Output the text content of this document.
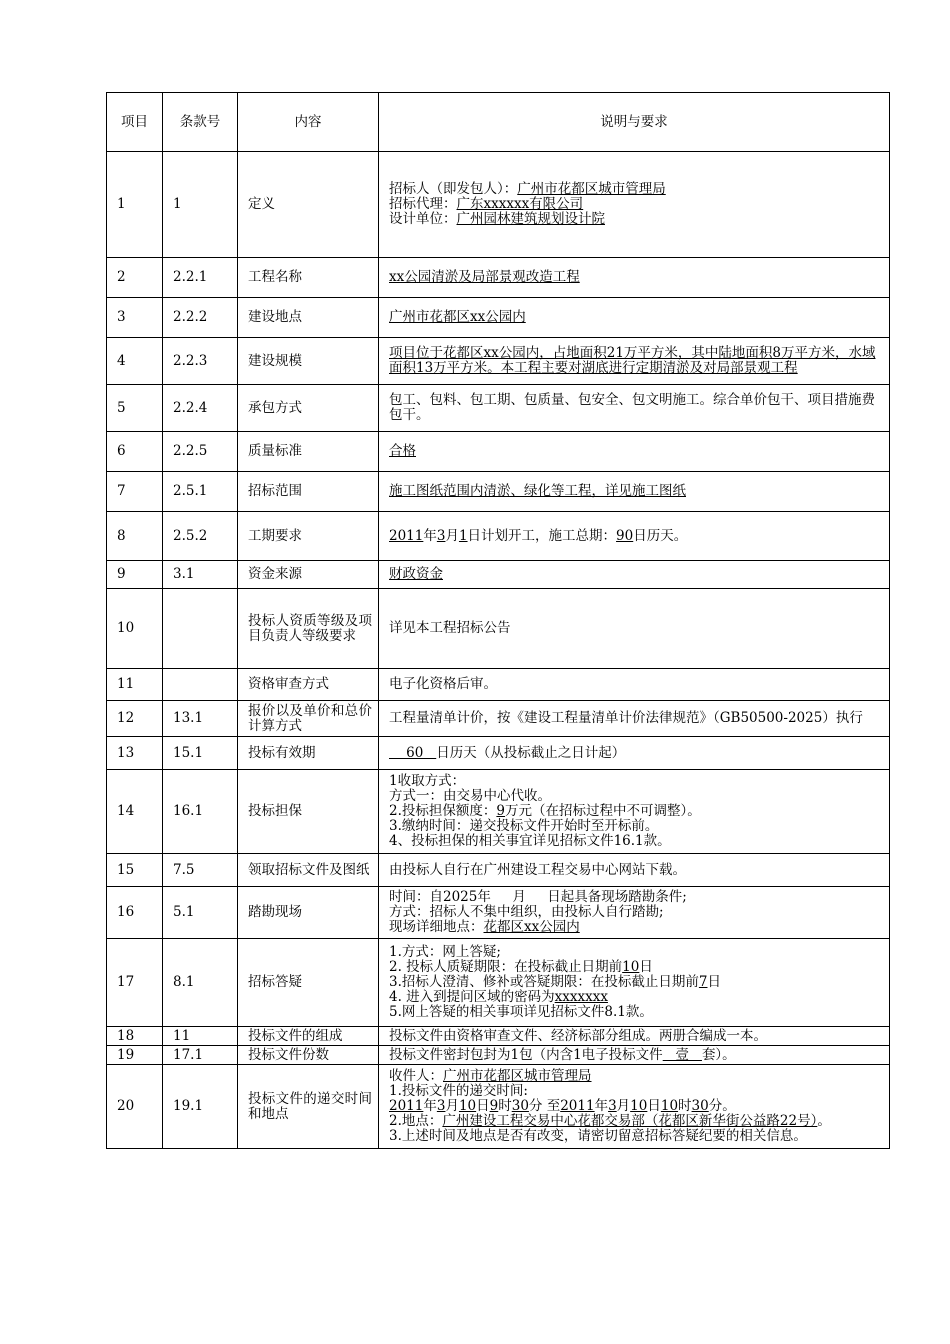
项目	条款号	内容	说明与要求
1	1	定义	招标人（即发包人）：广州市花都区城市管理局
招标代理：广东xxxxxx有限公司
设计单位：广州园林建筑规划设计院

2	2.2.1	工程名称	xx公园清淤及局部景观改造工程

3	2.2.2	建设地点	广州市花都区xx公园内

4	2.2.3	建设规模	项目位于花都区xx公园内，占地面积21万平方米，其中陆地面积8万平方米，水域面积13万平方米。本工程主要对湖底进行定期清淤及对局部景观工程

5	2.2.4	承包方式	包工、包料、包工期、包质量、包安全、包文明施工。综合单价包干、项目措施费包干。

6	2.2.5	质量标准	合格

7	2.5.1	招标范围	施工图纸范围内清淤、绿化等工程，详见施工图纸

8	2.5.2	工期要求	2011年3月1日计划开工，施工总期：90日历天。

9	3.1	资金来源	财政资金

10		投标人资质等级及项目负责人等级要求	详见本工程招标公告

11		资格审查方式	电子化资格后审。

12	13.1	报价以及单价和总价计算方式	工程量清单计价，按《建设工程量清单计价法律规范》（GB50500-2025）执行

13	15.1	投标有效期	60   日历天（从投标截止之日计起）

14	16.1	投标担保	1收取方式：
方式一：由交易中心代收。
2.投标担保额度：9万元（在招标过程中不可调整）。
3.缴纳时间：递交投标文件开始时至开标前。
4、投标担保的相关事宜详见招标文件16.1款。

15	7.5	领取招标文件及图纸	由投标人自行在广州建设工程交易中心网站下载。

16	5.1	踏勘现场	时间：自2025年     月     日起具备现场踏勘条件;
方式：招标人不集中组织，由投标人自行踏勘;
现场详细地点：花都区xx公园内

17	8.1	招标答疑	1.方式：网上答疑;
2. 投标人质疑期限：在投标截止日期前10日
3.招标人澄清、修补或答疑期限：在投标截止日期前7日
4. 进入到提问区域的密码为xxxxxxx
5.网上答疑的相关事项详见招标文件8.1款。

18	11	投标文件的组成	投标文件由资格审查文件、经济标部分组成。两册合编成一本。

19	17.1	投标文件份数	投标文件密封包封为1包（内含1电子投标文件   壹   套）。

20	19.1	投标文件的递交时间和地点	收件人：广州市花都区城市管理局
1.投标文件的递交时间:
2011年3月10日9时30分 至2011年3月10日10时30分。
2.地点：广州建设工程交易中心花都交易部（花都区新华街公益路22号）。
3.上述时间及地点是否有改变，请密切留意招标答疑纪要的相关信息。
